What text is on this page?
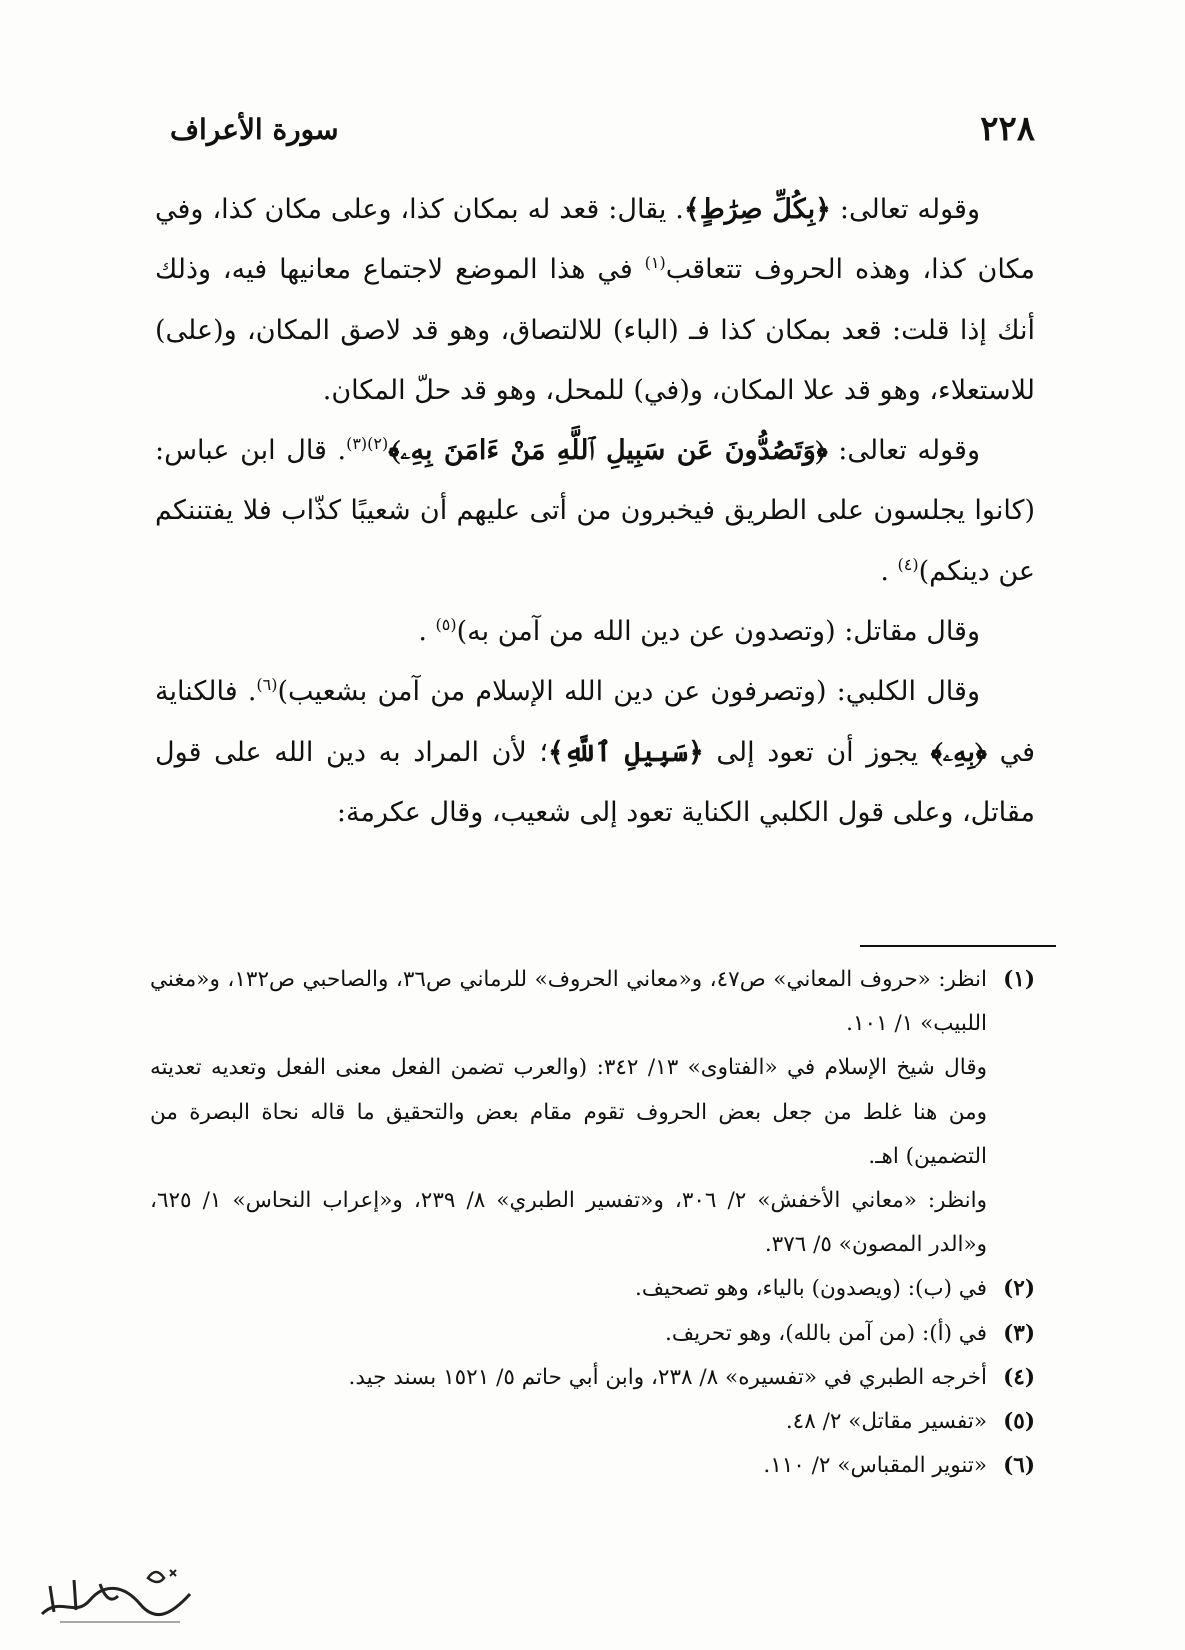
٢٢٨
سورة الأعراف

وقوله تعالى: ﴿بِكُلِّ صِرَٰطٍ﴾. يقال: قعد له بمكان كذا، وعلى مكان كذا، وفي مكان كذا، وهذه الحروف تتعاقب$^{(١)}$ في هذا الموضع لاجتماع معانيها فيه، وذلك أنك إذا قلت: قعد بمكان كذا فـ (الباء) للالتصاق، وهو قد لاصق المكان، و(على) للاستعلاء، وهو قد علا المكان، و(في) للمحل، وهو قد حلّ المكان.

وقوله تعالى: ﴿وَتَصُدُّونَ عَن سَبِيلِ ٱللَّهِ مَنْ ءَامَنَ بِهِۦ﴾$^{(٢)(٣)}$. قال ابن عباس: (كانوا يجلسون على الطريق فيخبرون من أتى عليهم أن شعيبًا كذّاب فلا يفتننكم عن دينكم)$^{(٤)}$ .

وقال مقاتل: (وتصدون عن دين الله من آمن به)$^{(٥)}$ .

وقال الكلبي: (وتصرفون عن دين الله الإسلام من آمن بشعيب)$^{(٦)}$. فالكناية في ﴿بِهِۦ﴾ يجوز أن تعود إلى ﴿سَبِيلِ ٱللَّهِ﴾؛ لأن المراد به دين الله على قول مقاتل، وعلى قول الكلبي الكناية تعود إلى شعيب، وقال عكرمة:

(١)

انظر: «حروف المعاني» ص٤٧، و«معاني الحروف» للرماني ص٣٦، والصاحبي ص١٣٢، و«مغني اللبيب» ١/ ١٠١.

وقال شيخ الإسلام في «الفتاوى» ١٣/ ٣٤٢: (والعرب تضمن الفعل معنى الفعل وتعديه تعديته ومن هنا غلط من جعل بعض الحروف تقوم مقام بعض والتحقيق ما قاله نحاة البصرة من التضمين) اهـ.

وانظر: «معاني الأخفش» ٢/ ٣٠٦، و«تفسير الطبري» ٨/ ٢٣٩، و«إعراب النحاس» ١/ ٦٢٥، و«الدر المصون» ٥/ ٣٧٦.

(٢)

في (ب): (ويصدون) بالياء، وهو تصحيف.

(٣)

في (أ): (من آمن بالله)، وهو تحريف.

(٤)

أخرجه الطبري في «تفسيره» ٨/ ٢٣٨، وابن أبي حاتم ٥/ ١٥٢١ بسند جيد.

(٥)

«تفسير مقاتل» ٢/ ٤٨.

(٦)

«تنوير المقباس» ٢/ ١١٠.
